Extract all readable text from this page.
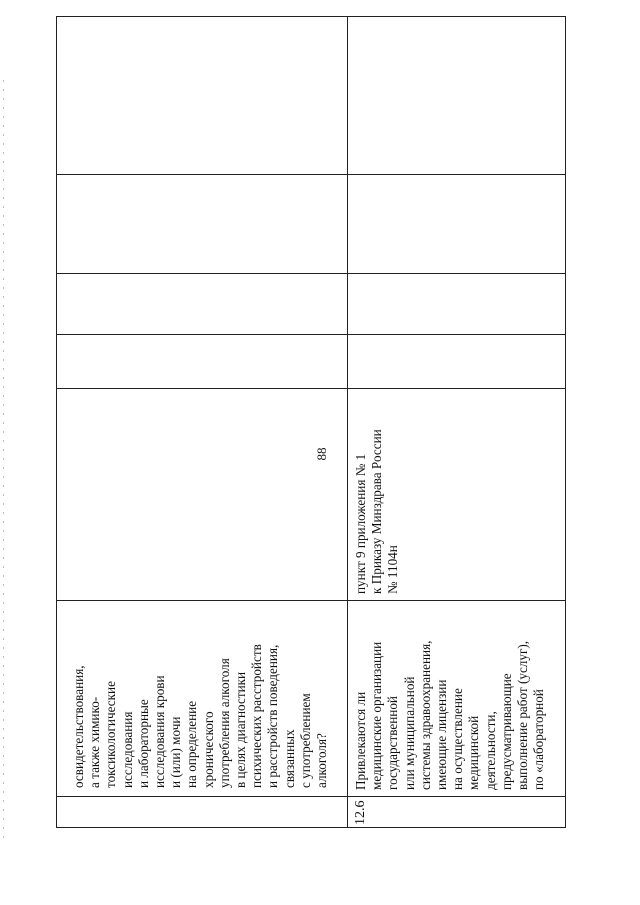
88
освидетельствования,
а также химико-
токсикологические
исследования
и лабораторные
исследования крови
и (или) мочи
на определение
хронического
употребления алкоголя
в целях диагностики
психических расстройств
и расстройств поведения,
связанных
с употреблением
алкоголя?
12.6
Привлекаются ли
медицинские организации
государственной
или муниципальной
системы здравоохранения,
имеющие лицензии
на осуществление
медицинской
деятельности,
предусматривающие
выполнение работ (услуг),
по «лабораторной
пункт 9 приложения № 1
к Приказу Минздрава России
№ 1104н
